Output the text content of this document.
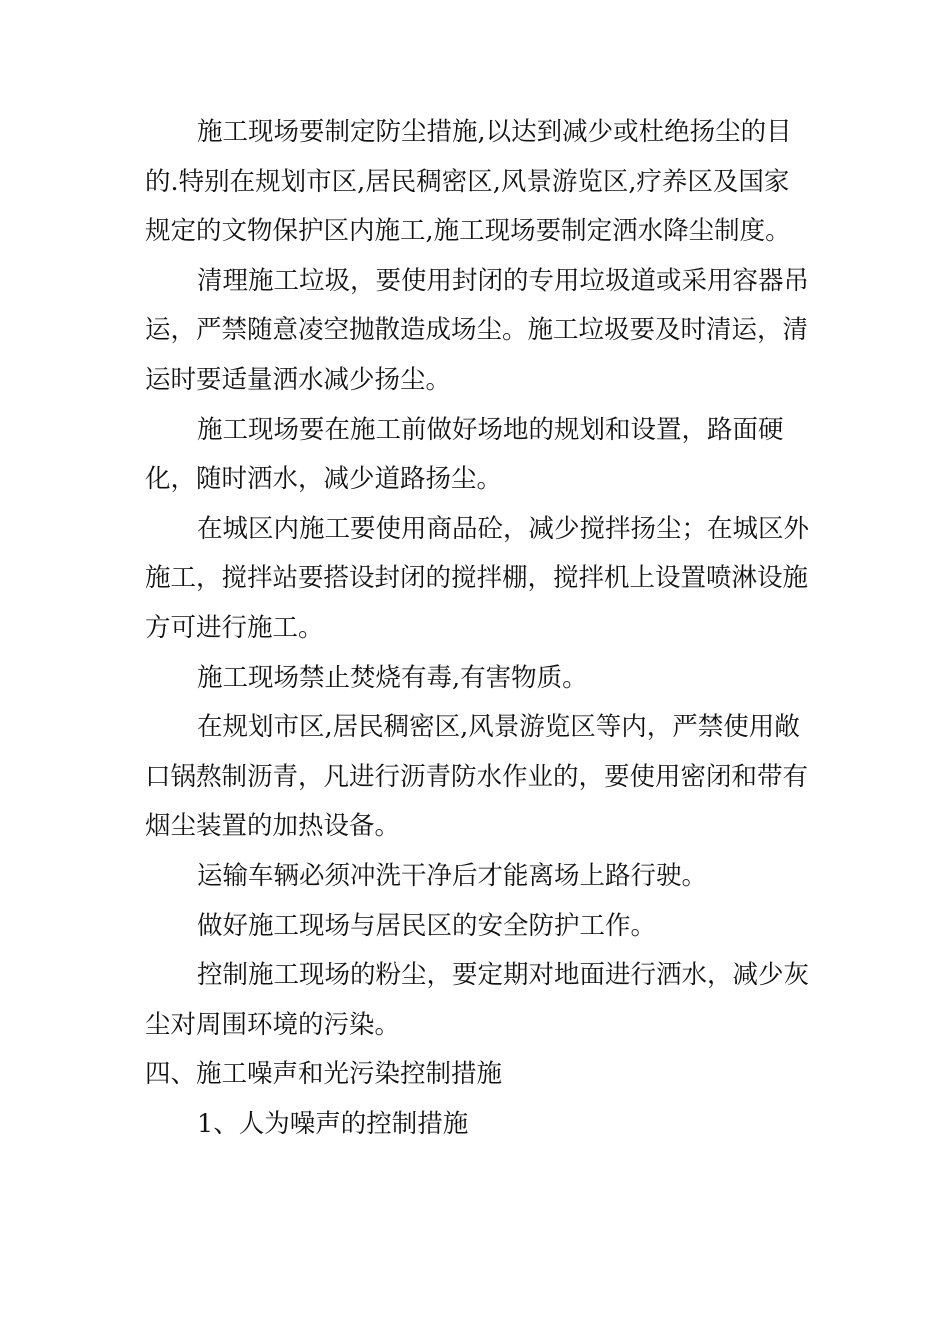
施工现场要制定防尘措施,以达到减少或杜绝扬尘的目
的.特别在规划市区,居民稠密区,风景游览区,疗养区及国家
规定的文物保护区内施工,施工现场要制定洒水降尘制度。
清理施工垃圾，要使用封闭的专用垃圾道或采用容器吊
运，严禁随意凌空抛散造成场尘。施工垃圾要及时清运，清
运时要适量洒水减少扬尘。
施工现场要在施工前做好场地的规划和设置，路面硬
化，随时洒水，减少道路扬尘。
在城区内施工要使用商品砼，减少搅拌扬尘；在城区外
施工，搅拌站要搭设封闭的搅拌棚，搅拌机上设置喷淋设施
方可进行施工。
施工现场禁止焚烧有毒,有害物质。
在规划市区,居民稠密区,风景游览区等内，严禁使用敞
口锅熬制沥青，凡进行沥青防水作业的，要使用密闭和带有
烟尘装置的加热设备。
运输车辆必须冲洗干净后才能离场上路行驶。
做好施工现场与居民区的安全防护工作。
控制施工现场的粉尘，要定期对地面进行洒水，减少灰
尘对周围环境的污染。
四、施工噪声和光污染控制措施
1、人为噪声的控制措施
